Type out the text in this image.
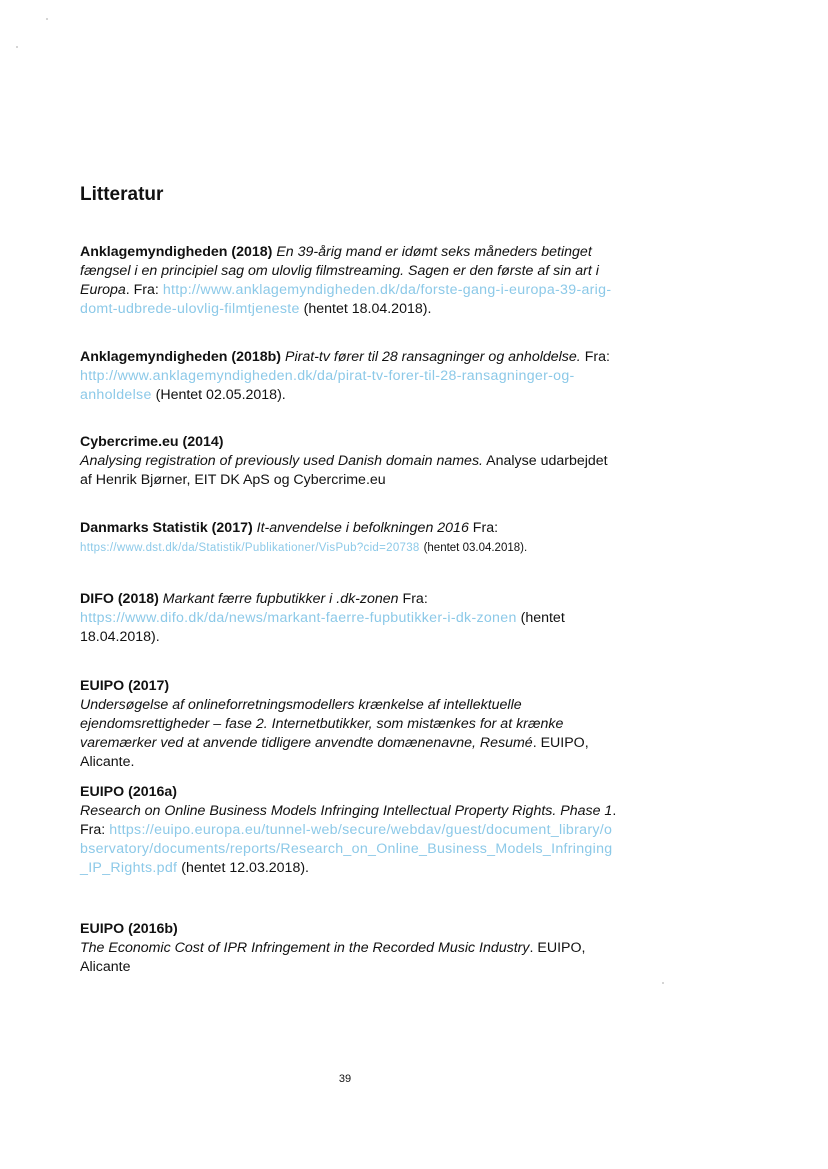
Litteratur
Anklagemyndigheden (2018) En 39-årig mand er idømt seks måneders betinget fængsel i en principiel sag om ulovlig filmstreaming. Sagen er den første af sin art i Europa. Fra: http://www.anklagemyndigheden.dk/da/forste-gang-i-europa-39-arig-domt-udbrede-ulovlig-filmtjeneste (hentet 18.04.2018).
Anklagemyndigheden (2018b) Pirat-tv fører til 28 ransagninger og anholdelse. Fra: http://www.anklagemyndigheden.dk/da/pirat-tv-forer-til-28-ransagninger-og-anholdelse (Hentet 02.05.2018).
Cybercrime.eu (2014)
Analysing registration of previously used Danish domain names. Analyse udarbejdet af Henrik Bjørner, EIT DK ApS og Cybercrime.eu
Danmarks Statistik (2017) It-anvendelse i befolkningen 2016 Fra:
https://www.dst.dk/da/Statistik/Publikationer/VisPub?cid=20738 (hentet 03.04.2018).
DIFO (2018) Markant færre fupbutikker i .dk-zonen Fra:
https://www.difo.dk/da/news/markant-faerre-fupbutikker-i-dk-zonen (hentet 18.04.2018).
EUIPO (2017)
Undersøgelse af onlineforretningsmodellers krænkelse af intellektuelle ejendomsrettigheder – fase 2. Internetbutikker, som mistænkes for at krænke varemærker ved at anvende tidligere anvendte domænenavne, Resumé. EUIPO, Alicante.
EUIPO (2016a)
Research on Online Business Models Infringing Intellectual Property Rights. Phase 1. Fra: https://euipo.europa.eu/tunnel-web/secure/webdav/guest/document_library/observatory/documents/reports/Research_on_Online_Business_Models_Infringing_IP_Rights.pdf (hentet 12.03.2018).
EUIPO (2016b)
The Economic Cost of IPR Infringement in the Recorded Music Industry. EUIPO, Alicante
39
